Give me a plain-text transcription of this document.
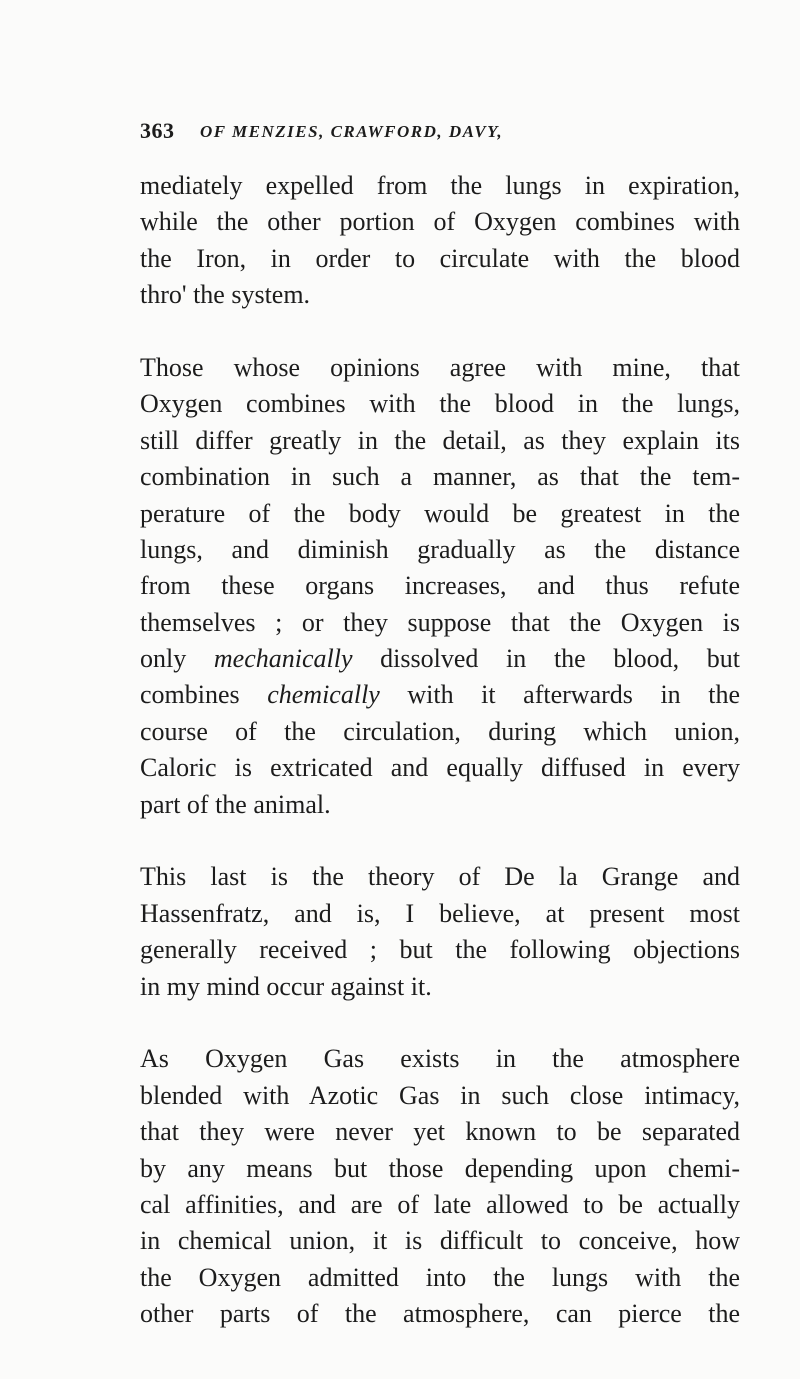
363 OF MENZIES, CRAWFORD, DAVY,
mediately expelled from the lungs in expiration,
while the other portion of Oxygen combines with
the Iron, in order to circulate with the blood
thro' the system.
Those whose opinions agree with mine, that
Oxygen combines with the blood in the lungs,
still differ greatly in the detail, as they explain its
combination in such a manner, as that the tem-
perature of the body would be greatest in the
lungs, and diminish gradually as the distance
from these organs increases, and thus refute
themselves ; or they suppose that the Oxygen is
only mechanically dissolved in the blood, but
combines chemically with it afterwards in the
course of the circulation, during which union,
Caloric is extricated and equally diffused in every
part of the animal.
This last is the theory of De la Grange and
Hassenfratz, and is, I believe, at present most
generally received ; but the following objections
in my mind occur against it.
As Oxygen Gas exists in the atmosphere
blended with Azotic Gas in such close intimacy,
that they were never yet known to be separated
by any means but those depending upon chemi-
cal affinities, and are of late allowed to be actually
in chemical union, it is difficult to conceive, how
the Oxygen admitted into the lungs with the
other parts of the atmosphere, can pierce the
